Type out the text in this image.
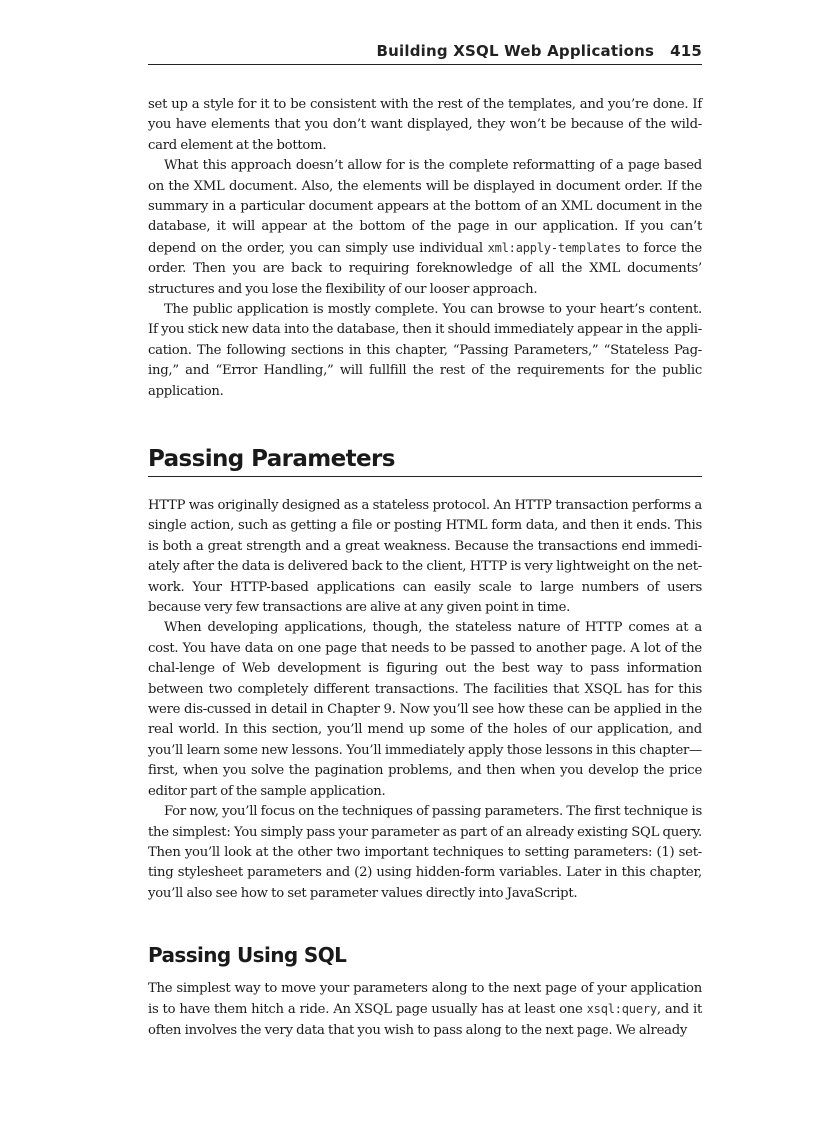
Building XSQL Web Applications 415

set up a style for it to be consistent with the rest of the templates, and you’re done. If you have elements that you don’t want displayed, they won’t be because of the wild-card element at the bottom.

What this approach doesn’t allow for is the complete reformatting of a page based on the XML document. Also, the elements will be displayed in document order. If the summary in a particular document appears at the bottom of an XML document in the database, it will appear at the bottom of the page in our application. If you can’t depend on the order, you can simply use individual xml:apply-templates to force the order. Then you are back to requiring foreknowledge of all the XML documents’ structures and you lose the flexibility of our looser approach.

The public application is mostly complete. You can browse to your heart’s content. If you stick new data into the database, then it should immediately appear in the appli-cation. The following sections in this chapter, “Passing Parameters,” “Stateless Pag-ing,” and “Error Handling,” will fullfill the rest of the requirements for the public application.

Passing Parameters

HTTP was originally designed as a stateless protocol. An HTTP transaction performs a single action, such as getting a file or posting HTML form data, and then it ends. This is both a great strength and a great weakness. Because the transactions end immedi-ately after the data is delivered back to the client, HTTP is very lightweight on the net-work. Your HTTP-based applications can easily scale to large numbers of users because very few transactions are alive at any given point in time.

When developing applications, though, the stateless nature of HTTP comes at a cost. You have data on one page that needs to be passed to another page. A lot of the chal-lenge of Web development is figuring out the best way to pass information between two completely different transactions. The facilities that XSQL has for this were dis-cussed in detail in Chapter 9. Now you’ll see how these can be applied in the real world. In this section, you’ll mend up some of the holes of our application, and you’ll learn some new lessons. You’ll immediately apply those lessons in this chapter—first, when you solve the pagination problems, and then when you develop the price editor part of the sample application.

For now, you’ll focus on the techniques of passing parameters. The first technique is the simplest: You simply pass your parameter as part of an already existing SQL query. Then you’ll look at the other two important techniques to setting parameters: (1) set-ting stylesheet parameters and (2) using hidden-form variables. Later in this chapter, you’ll also see how to set parameter values directly into JavaScript.

Passing Using SQL

The simplest way to move your parameters along to the next page of your application is to have them hitch a ride. An XSQL page usually has at least one xsql:query, and it often involves the very data that you wish to pass along to the next page. We already
